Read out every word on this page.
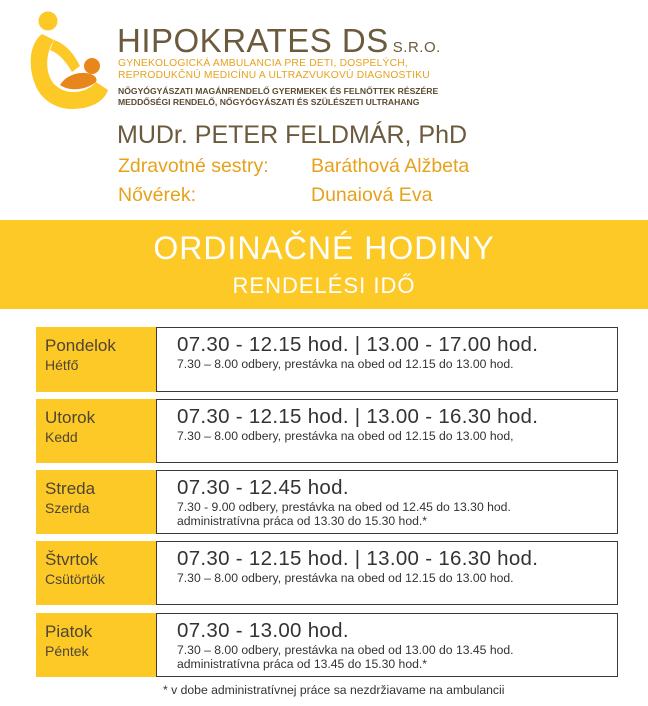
HIPOKRATES DS S.R.O.
GYNEKOLOGICKÁ AMBULANCIA PRE DETI, DOSPELÝCH,
REPRODUKČNÚ MEDICÍNU A ULTRAZVUKOVÚ DIAGNOSTIKU
NŐGYÓGYÁSZATI MAGÁNRENDELŐ GYERMEKEK ÉS FELNŐTTEK RÉSZÉRE
MEDDŐSÉGI RENDELŐ, NŐGYÓGYÁSZATI ÉS SZÜLÉSZETI ULTRAHANG
MUDr. PETER FELDMÁR, PhD
Zdravotné sestry: Baráthová Alžbeta
Nővérek:	Dunaiová Eva
ORDINAČNÉ HODINY
RENDELÉSI IDŐ
Pondelok
Hétfő
07.30 - 12.15 hod. | 13.00 - 17.00 hod.
7.30 – 8.00 odbery, prestávka na obed od 12.15 do 13.00 hod.
Utorok
Kedd
07.30 - 12.15 hod. | 13.00 - 16.30 hod.
7.30 – 8.00 odbery, prestávka na obed od 12.15 do 13.00 hod,
Streda
Szerda
07.30 - 12.45 hod.
7.30 - 9.00 odbery, prestávka na obed od 12.45 do 13.30 hod.
administratívna práca od 13.30 do 15.30 hod.*
Štvrtok
Csütörtök
07.30 - 12.15 hod. | 13.00 - 16.30 hod.
7.30 – 8.00 odbery, prestávka na obed od 12.15 do 13.00 hod.
Piatok
Péntek
07.30 - 13.00 hod.
7.30 – 8.00 odbery, prestávka na obed od 13.00 do 13.45 hod.
administratívna práca od 13.45 do 15.30 hod.*
* v dobe administratívnej práce sa nezdržiavame na ambulancii
